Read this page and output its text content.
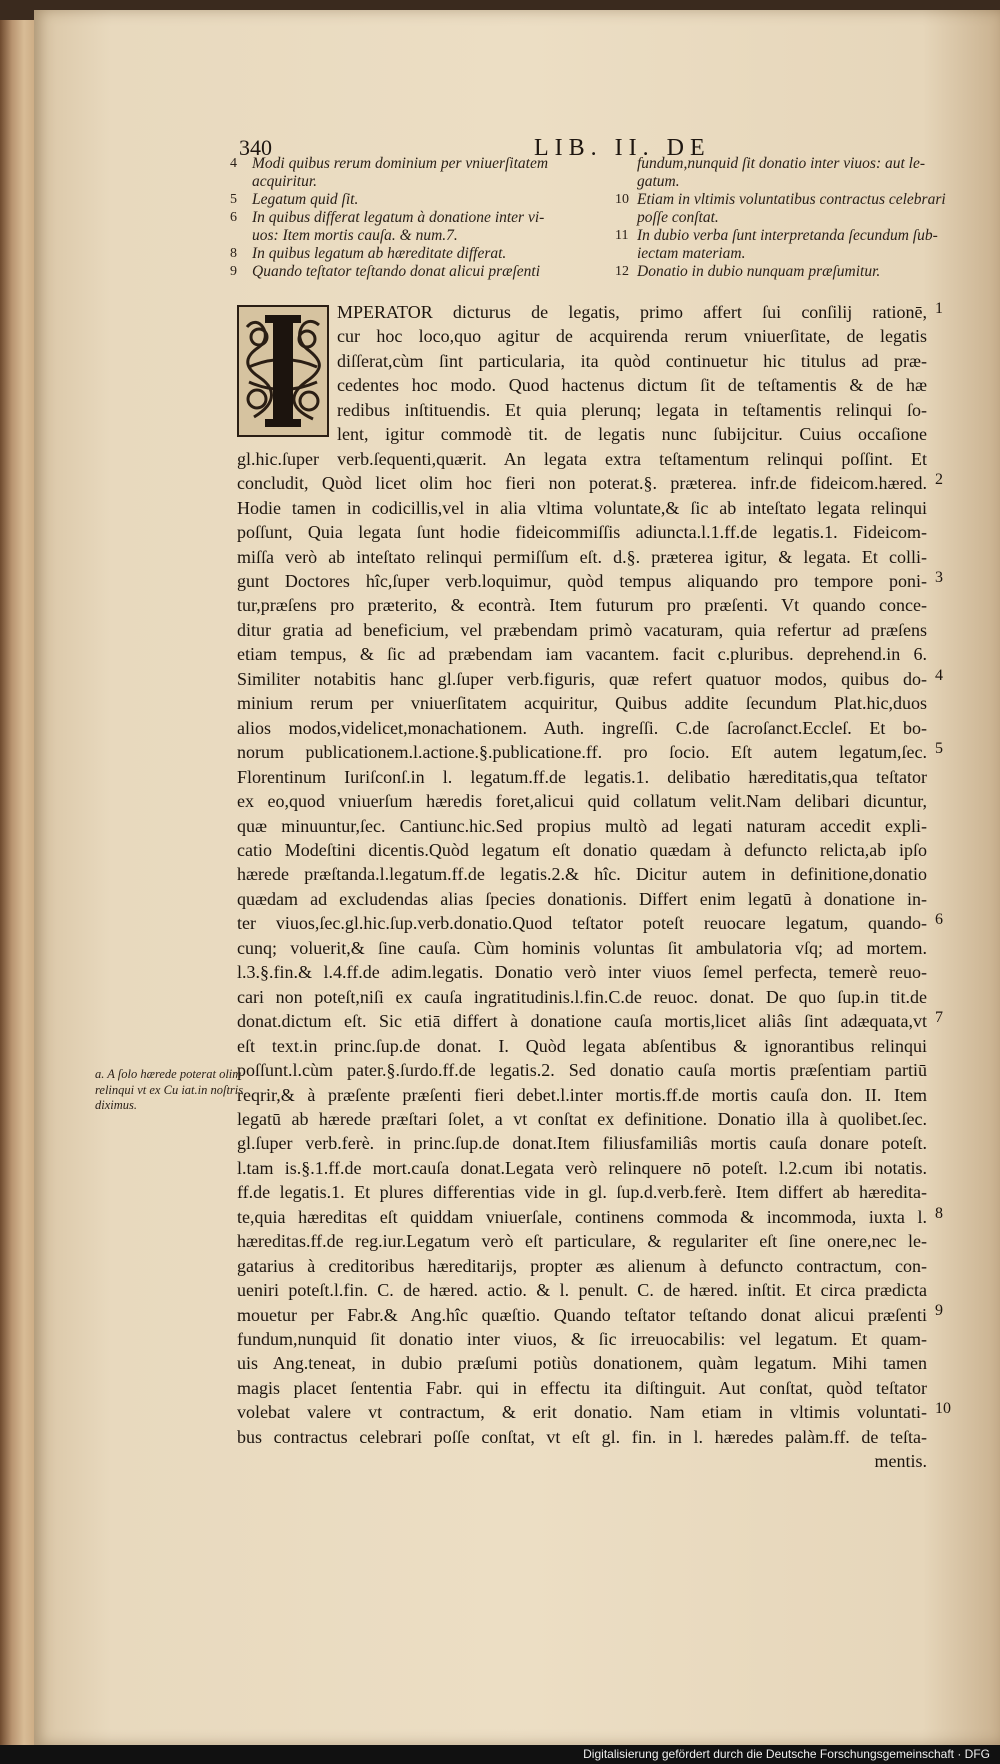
340	LIB. II. DE
4 Modi quibus rerum dominium per vniuerſitatem
acquiritur.
5 Legatum quid ſit.
6 In quibus differat legatum à donatione inter vi-
uos: Item mortis cauſa. & num.7.
8 In quibus legatum ab hæreditate differat.
9 Quando teſtator teſtando donat alicui præſenti
fundum,nunquid ſit donatio inter viuos: aut le-
gatum.
10 Etiam in vltimis voluntatibus contractus celebrari
poſſe conſtat.
11 In dubio verba ſunt interpretanda ſecundum ſub-
iectam materiam.
12 Donatio in dubio nunquam præſumitur.
MPERATOR dicturus de legatis, primo affert ſui conſilij rationē,
cur hoc loco,quo agitur de acquirenda rerum vniuerſitate, de legatis
diſſerat,cùm ſint particularia, ita quòd continuetur hic titulus ad præ-
cedentes hoc modo. Quod hactenus dictum ſit de teſtamentis & de hæ
redibus inſtituendis. Et quia plerunq; legata in teſtamentis relinqui ſo-
lent, igitur commodè tit. de legatis nunc ſubijcitur. Cuius occaſione
gl.hic.ſuper verb.ſequenti,quærit. An legata extra teſtamentum relinqui poſſint. Et
concludit, Quòd licet olim hoc fieri non poterat.§. præterea. infr.de fideicom.hæred.
Hodie tamen in codicillis,vel in alia vltima voluntate,& ſic ab inteſtato legata relinqui
poſſunt, Quia legata ſunt hodie fideicommiſſis adiuncta.l.1.ff.de legatis.1. Fideicom-
miſſa verò ab inteſtato relinqui permiſſum eſt. d.§. præterea igitur, & legata. Et colli-
gunt Doctores hîc,ſuper verb.loquimur, quòd tempus aliquando pro tempore poni-
tur,præſens pro præterito, & econtrà. Item futurum pro præſenti. Vt quando conce-
ditur gratia ad beneficium, vel præbendam primò vacaturam, quia refertur ad præſens
etiam tempus, & ſic ad præbendam iam vacantem. facit c.pluribus. deprehend.in 6.
Similiter notabitis hanc gl.ſuper verb.figuris, quæ refert quatuor modos, quibus do-
minium rerum per vniuerſitatem acquiritur, Quibus addite ſecundum Plat.hic,duos
alios modos,videlicet,monachationem. Auth. ingreſſi. C.de ſacroſanct.Eccleſ. Et bo-
norum publicationem.l.actione.§.publicatione.ff. pro ſocio. Eſt autem legatum,ſec.
Florentinum Iuriſconſ.in l. legatum.ff.de legatis.1. delibatio hæreditatis,qua teſtator
ex eo,quod vniuerſum hæredis foret,alicui quid collatum velit.Nam delibari dicuntur,
quæ minuuntur,ſec. Cantiunc.hic.Sed propius multò ad legati naturam accedit expli-
catio Modeſtini dicentis.Quòd legatum eſt donatio quædam à defuncto relicta,ab ipſo
hærede præſtanda.l.legatum.ff.de legatis.2.& hîc. Dicitur autem in definitione,donatio
quædam ad excludendas alias ſpecies donationis. Differt enim legatū à donatione in-
ter viuos,ſec.gl.hic.ſup.verb.donatio.Quod teſtator poteſt reuocare legatum, quando-
cunq; voluerit,& ſine cauſa. Cùm hominis voluntas ſit ambulatoria vſq; ad mortem.
l.3.§.fin.& l.4.ff.de adim.legatis. Donatio verò inter viuos ſemel perfecta, temerè reuo-
cari non poteſt,niſi ex cauſa ingratitudinis.l.fin.C.de reuoc. donat. De quo ſup.in tit.de
donat.dictum eſt. Sic etiā differt à donatione cauſa mortis,licet aliâs ſint adæquata,vt
eſt text.in princ.ſup.de donat. I. Quòd legata abſentibus & ignorantibus relinqui
poſſunt.l.cùm pater.§.ſurdo.ff.de legatis.2. Sed donatio cauſa mortis præſentiam partiū
reqrir,& à præſente præſenti fieri debet.l.inter mortis.ff.de mortis cauſa don. II. Item
legatū ab hærede præſtari ſolet, a vt conſtat ex definitione. Donatio illa à quolibet.ſec.
gl.ſuper verb.ferè. in princ.ſup.de donat.Item filiusfamiliâs mortis cauſa donare poteſt.
l.tam is.§.1.ff.de mort.cauſa donat.Legata verò relinquere nō poteſt. l.2.cum ibi notatis.
ff.de legatis.1. Et plures differentias vide in gl. ſup.d.verb.ferè. Item differt ab hæredita-
te,quia hæreditas eſt quiddam vniuerſale, continens commoda & incommoda, iuxta l.
hæreditas.ff.de reg.iur.Legatum verò eſt particulare, & regulariter eſt ſine onere,nec le-
gatarius à creditoribus hæreditarijs, propter æs alienum à defuncto contractum, con-
ueniri poteſt.l.fin. C. de hæred. actio. & l. penult. C. de hæred. inſtit. Et circa prædicta
mouetur per Fabr.& Ang.hîc quæſtio. Quando teſtator teſtando donat alicui præſenti
fundum,nunquid ſit donatio inter viuos, & ſic irreuocabilis: vel legatum. Et quam-
uis Ang.teneat, in dubio præſumi potiùs donationem, quàm legatum. Mihi tamen
magis placet ſententia Fabr. qui in effectu ita diſtinguit. Aut conſtat, quòd teſtator
volebat valere vt contractum, & erit donatio. Nam etiam in vltimis voluntati-
bus contractus celebrari poſſe conſtat, vt eſt gl. fin. in l. hæredes palàm.ff. de teſta-
mentis.
1
2
3
4
5
6
7
8
9
10
a. A ſolo hærede poterat olim relinqui vt ex Cu iat.in noſtris diximus.
Digitalisierung gefördert durch die Deutsche Forschungsgemeinschaft · DFG
